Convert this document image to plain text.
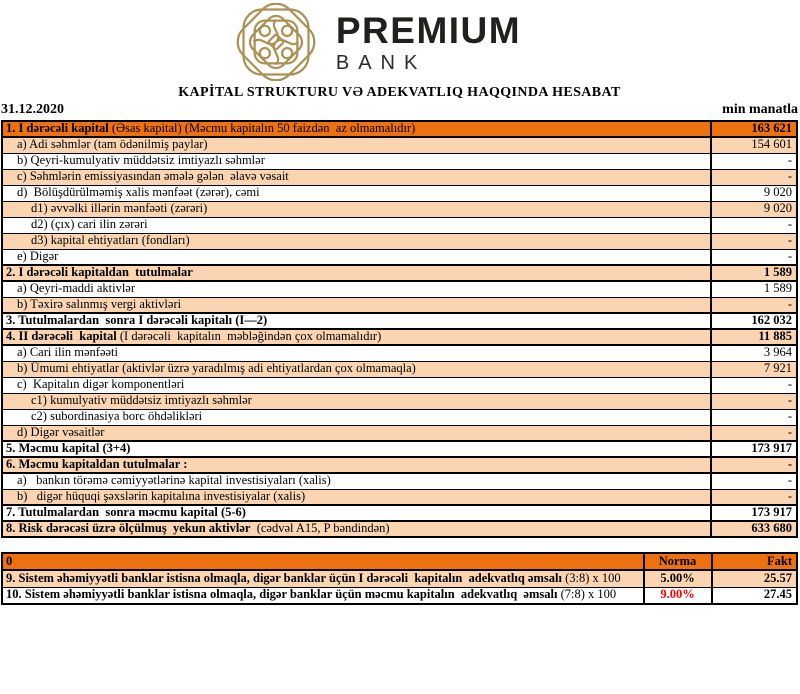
PREMIUM
BANK
KAPİTAL STRUKTURU VƏ ADEKVATLIQ HAQQINDA HESABAT
31.12.2020	min manatla
1. I dərəcəli kapital (Əsas kapital) (Məcmu kapitalın 50 faizdən  az olmamalıdır)	163 621
a) Adi səhmlər (tam ödənilmiş paylar)	154 601
b) Qeyri-kumulyativ müddətsiz imtiyazlı səhmlər	-
c) Səhmlərin emissiyasından əmələ gələn  əlavə vəsait	-
d)  Bölüşdürülməmiş xalis mənfəət (zərər), cəmi	9 020
d1) əvvəlki illərin mənfəəti (zərəri)	9 020
d2) (çıx) cari ilin zərəri	-
d3) kapital ehtiyatları (fondları)	-
e) Digər	-
2. I dərəcəli kapitaldan  tutulmalar	1 589
a) Qeyri-maddi aktivlər	1 589
b) Təxirə salınmış vergi aktivləri	-
3. Tutulmalardan  sonra I dərəcəli kapitalı (I—2)	162 032
4. II dərəcəli  kapital (I dərəcəli  kapitalın  məbləğindən çox olmamalıdır)	11 885
a) Cari ilin mənfəəti	3 964
b) Ümumi ehtiyatlar (aktivlər üzrə yaradılmış adi ehtiyatlardan çox olmamaqla)	7 921
c)  Kapitalın digər komponentləri	-
c1) kumulyativ müddətsiz imtiyazlı səhmlər	-
c2) subordinasiya borc öhdəlikləri	-
d) Digər vəsaitlər	-
5. Məcmu kapital (3+4)	173 917
6. Məcmu kapitaldan tutulmalar :	-
a)   bankın törəmə cəmiyyətlərinə kapital investisiyaları (xalis)	-
b)   digər hüquqi şəxslərin kapitalına investisiyalar (xalis)	-
7. Tutulmalardan  sonra məcmu kapital (5-6)	173 917
8. Risk dərəcəsi üzrə ölçülmuş  yekun aktivlər  (cədvəl A15, P bəndindən)	633 680
0	Norma	Fakt
9. Sistem əhəmiyyətli banklar istisna olmaqla, digər banklar üçün I dərəcəli  kapitalın  adekvatlıq əmsalı (3:8) x 100	5.00%	25.57
10. Sistem əhəmiyyətli banklar istisna olmaqla, digər banklar üçün məcmu kapitalın  adekvatlıq  əmsalı (7:8) x 100	9.00%	27.45
